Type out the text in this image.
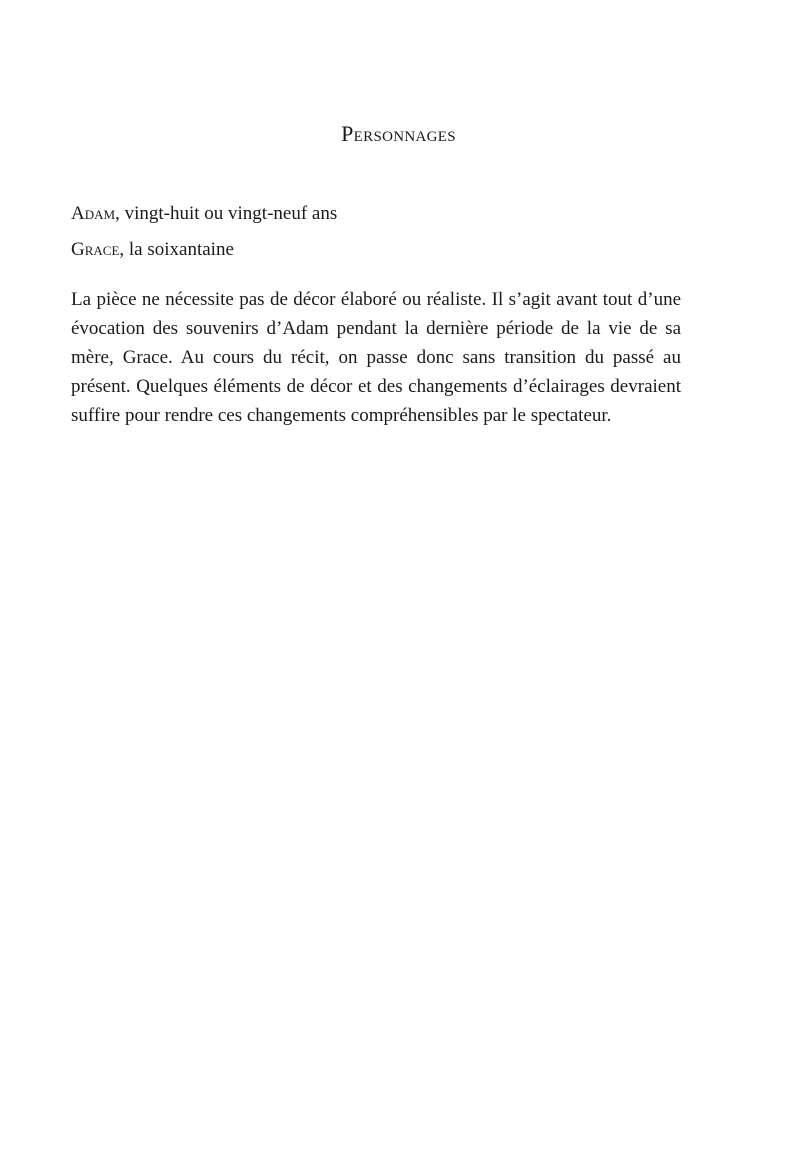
Personnages
Adam, vingt-huit ou vingt-neuf ans
Grace, la soixantaine

La pièce ne nécessite pas de décor élaboré ou réaliste. Il s’agit avant tout d’une évocation des souvenirs d’Adam pendant la dernière période de la vie de sa mère, Grace. Au cours du récit, on passe donc sans transition du passé au présent. Quelques éléments de décor et des changements d’éclairages devraient suffire pour rendre ces changements compréhensibles par le spectateur.
